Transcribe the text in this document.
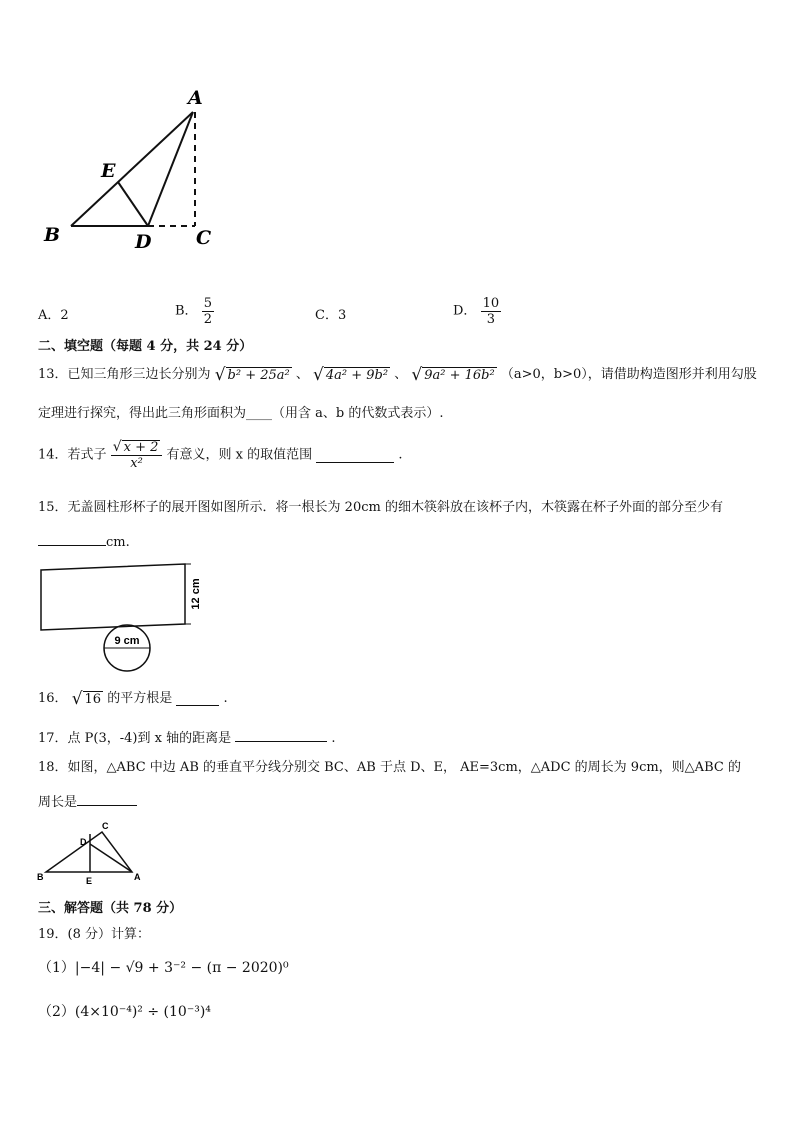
A
E
B	D C
A．2	B． $\frac{5}{2}$	C．3	D． $\frac{10}{3}$
二、填空题（每题 4 分，共 24 分）
13．已知三角形三边长分别为 √ b² + 25a² 、 √ 4a² + 9b² 、 √ 9a² + 16b² （a>0，b>0），请借助构造图形并利用勾股
定理进行探究，得出此三角形面积为____（用含 a、b 的代数式表示）.
14．若式子 $\frac{√ x + 2}{\text{x²}}$ 有意义，则 x 的取值范围	.
15．无盖圆柱形杯子的展开图如图所示．将一根长为 20cm 的细木筷斜放在该杯子内，木筷露在杯子外面的部分至少有
cm.
12 cm
9 cm
16． √ 16 的平方根是	.
17．点 P(3，-4)到 x 轴的距离是	.
18．如图，△ABC 中边 AB 的垂直平分线分别交 BC、AB 于点 D、E， AE=3cm，△ADC 的周长为 9cm，则△ABC 的
周长是
C
D
B	E	A
三、解答题（共 78 分）
19．(8 分）计算：
（1）|−4| − √9 + 3⁻² − (π − 2020)⁰
（2）(4×10⁻⁴)² ÷ (10⁻³)⁴
